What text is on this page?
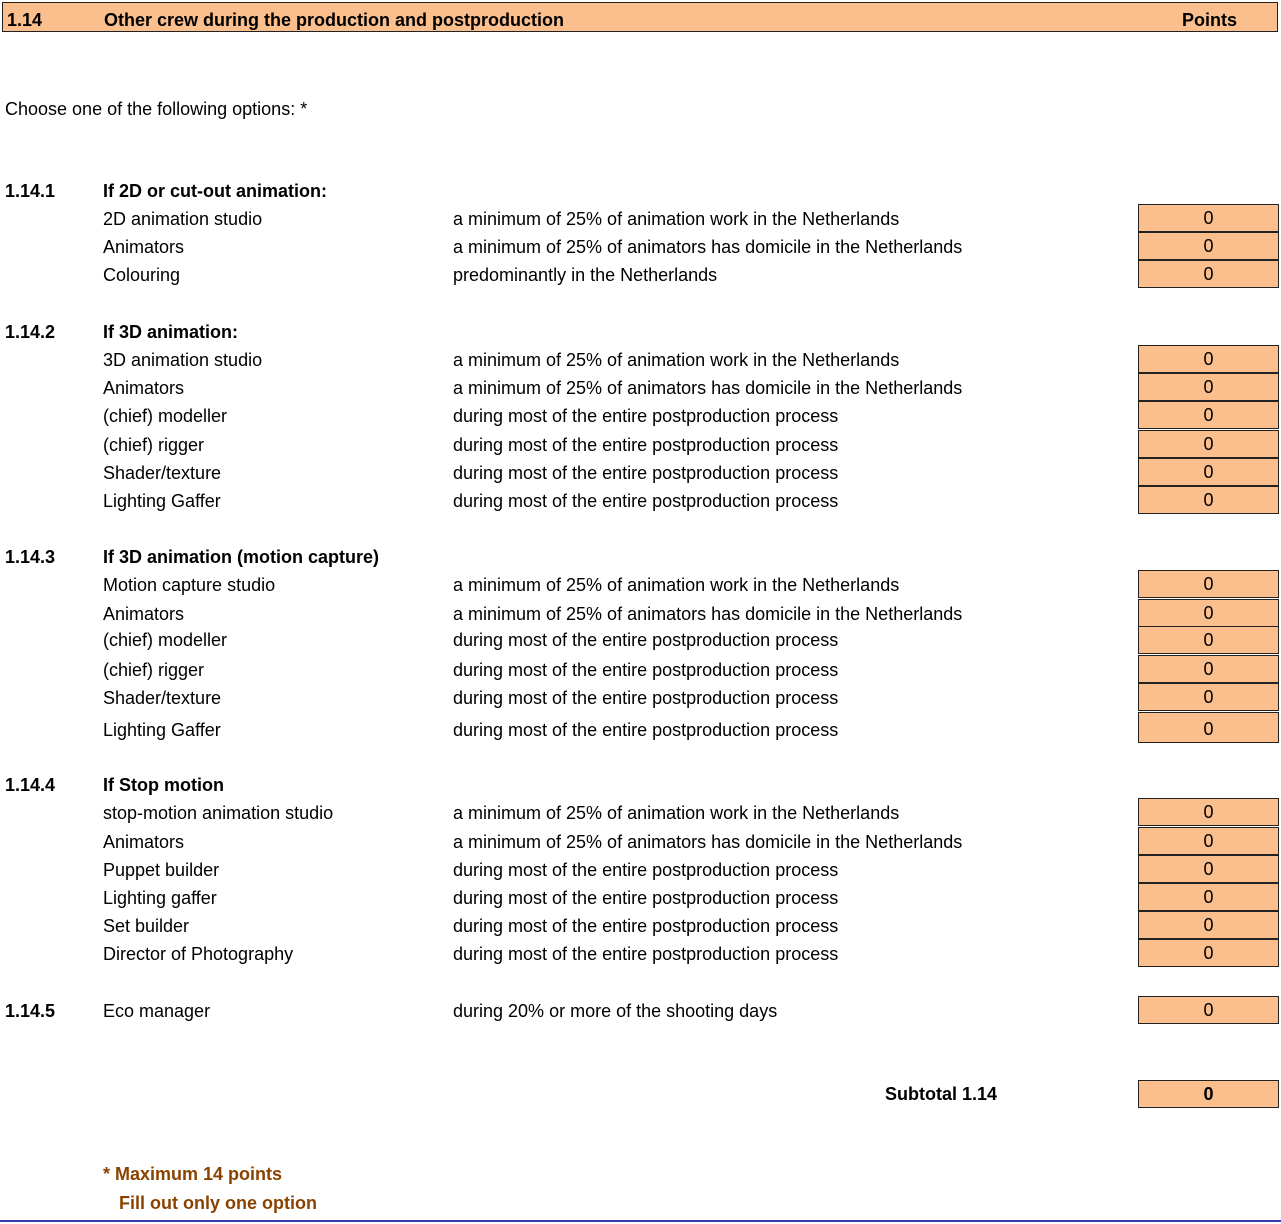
1.14	Other crew during the production and postproduction	Points
Choose one of the following options: *
1.14.1	If 2D or cut-out animation:
2D animation studio	a minimum of 25% of animation work in the Netherlands	0
Animators	a minimum of 25% of animators has domicile in the Netherlands	0
Colouring	predominantly in the Netherlands	0
1.14.2	If 3D animation:
3D animation studio	a minimum of 25% of animation work in the Netherlands	0
Animators	a minimum of 25% of animators has domicile in the Netherlands	0
(chief) modeller	during most of the entire postproduction process	0
(chief) rigger	during most of the entire postproduction process	0
Shader/texture	during most of the entire postproduction process	0
Lighting Gaffer	during most of the entire postproduction process	0
1.14.3	If 3D animation (motion capture)
Motion capture studio	a minimum of 25% of animation work in the Netherlands	0
Animators	a minimum of 25% of animators has domicile in the Netherlands	0
(chief) modeller	during most of the entire postproduction process	0
(chief) rigger	during most of the entire postproduction process	0
Shader/texture	during most of the entire postproduction process	0
Lighting Gaffer	during most of the entire postproduction process	0
1.14.4	If Stop motion
stop-motion animation studio	a minimum of 25% of animation work in the Netherlands	0
Animators	a minimum of 25% of animators has domicile in the Netherlands	0
Puppet builder	during most of the entire postproduction process	0
Lighting gaffer	during most of the entire postproduction process	0
Set builder	during most of the entire postproduction process	0
Director of Photography	during most of the entire postproduction process	0
1.14.5	Eco manager	during 20% or more of the shooting days	0
Subtotal 1.14	0
* Maximum 14 points
Fill out only one option
